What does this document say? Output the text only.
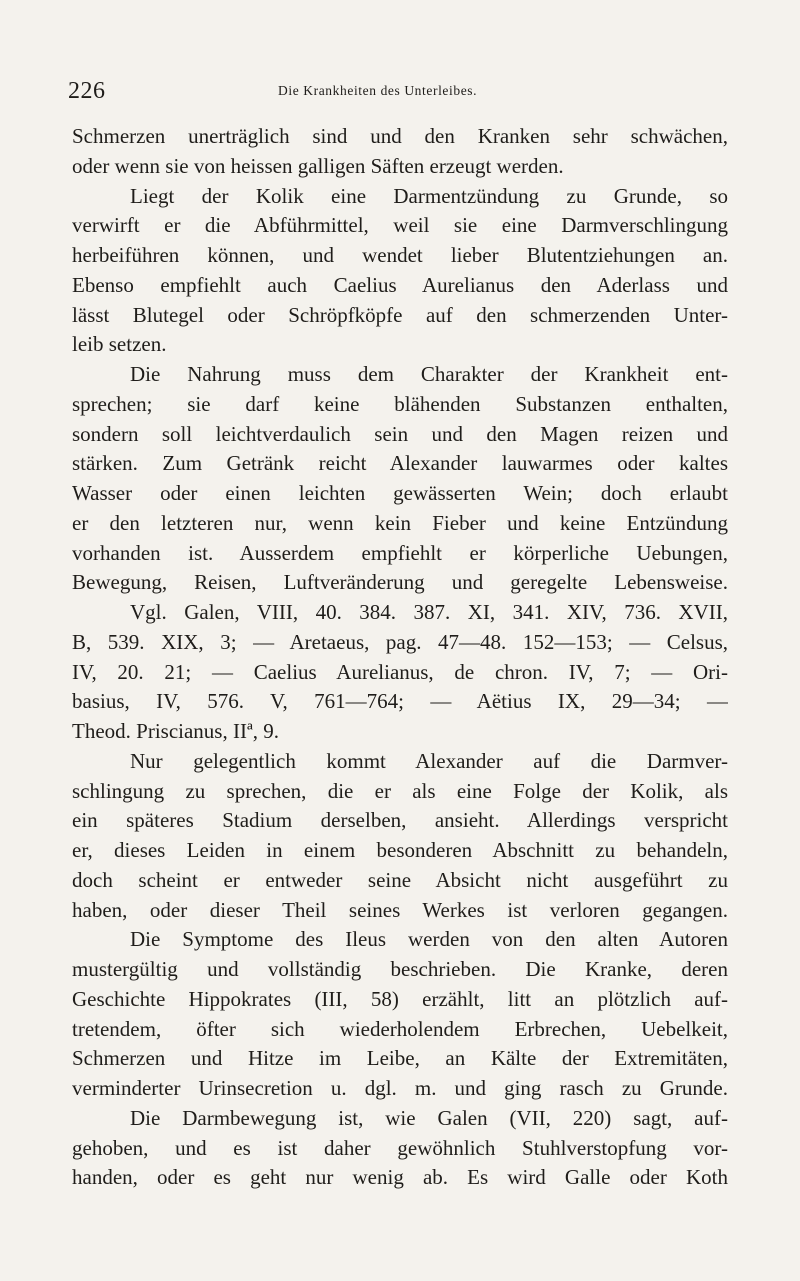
226	Die Krankheiten des Unterleibes.
Schmerzen unerträglich sind und den Kranken sehr schwächen,
oder wenn sie von heissen galligen Säften erzeugt werden.
Liegt der Kolik eine Darmentzündung zu Grunde, so
verwirft er die Abführmittel, weil sie eine Darmverschlingung
herbeiführen können, und wendet lieber Blutentziehungen an.
Ebenso empfiehlt auch Caelius Aurelianus den Aderlass und
lässt Blutegel oder Schröpfköpfe auf den schmerzenden Unter-
leib setzen.
Die Nahrung muss dem Charakter der Krankheit ent-
sprechen; sie darf keine blähenden Substanzen enthalten,
sondern soll leichtverdaulich sein und den Magen reizen und
stärken. Zum Getränk reicht Alexander lauwarmes oder kaltes
Wasser oder einen leichten gewässerten Wein; doch erlaubt
er den letzteren nur, wenn kein Fieber und keine Entzündung
vorhanden ist. Ausserdem empfiehlt er körperliche Uebungen,
Bewegung, Reisen, Luftveränderung und geregelte Lebensweise.
Vgl. Galen, VIII, 40. 384. 387. XI, 341. XIV, 736. XVII,
B, 539. XIX, 3; — Aretaeus, pag. 47—48. 152—153; — Celsus,
IV, 20. 21; — Caelius Aurelianus, de chron. IV, 7; — Ori-
basius, IV, 576. V, 761—764; — Aëtius IX, 29—34; —
Theod. Priscianus, IIª, 9.
Nur gelegentlich kommt Alexander auf die Darmver-
schlingung zu sprechen, die er als eine Folge der Kolik, als
ein späteres Stadium derselben, ansieht. Allerdings verspricht
er, dieses Leiden in einem besonderen Abschnitt zu behandeln,
doch scheint er entweder seine Absicht nicht ausgeführt zu
haben, oder dieser Theil seines Werkes ist verloren gegangen.
Die Symptome des Ileus werden von den alten Autoren
mustergültig und vollständig beschrieben. Die Kranke, deren
Geschichte Hippokrates (III, 58) erzählt, litt an plötzlich auf-
tretendem, öfter sich wiederholendem Erbrechen, Uebelkeit,
Schmerzen und Hitze im Leibe, an Kälte der Extremitäten,
verminderter Urinsecretion u. dgl. m. und ging rasch zu Grunde.
Die Darmbewegung ist, wie Galen (VII, 220) sagt, auf-
gehoben, und es ist daher gewöhnlich Stuhlverstopfung vor-
handen, oder es geht nur wenig ab. Es wird Galle oder Koth
